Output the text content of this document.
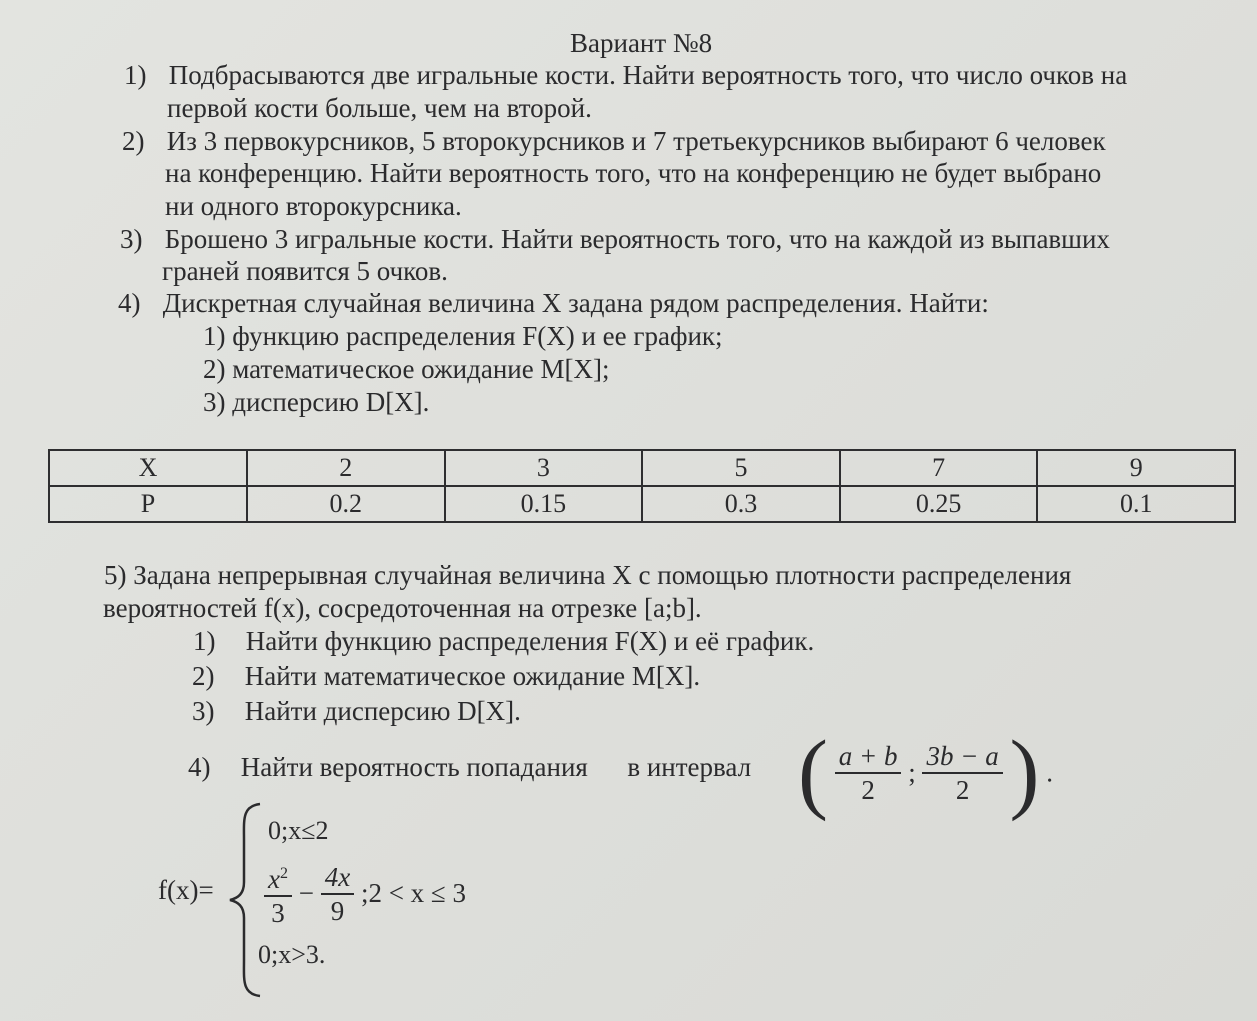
Вариант №8
1) Подбрасываются две игральные кости. Найти вероятность того, что число очков на
первой кости больше, чем на второй.
2) Из 3 первокурсников, 5 второкурсников и 7 третьекурсников выбирают 6 человек
на конференцию. Найти вероятность того, что на конференцию не будет выбрано
ни одного второкурсника.
3) Брошено 3 игральные кости. Найти вероятность того, что на каждой из выпавших
граней появится 5 очков.
4) Дискретная случайная величина X задана рядом распределения. Найти:
1) функцию распределения F(X) и ее график;
2) математическое ожидание M[X];
3) дисперсию D[X].
X	2	3	5	7	9
P	0.2	0.15	0.3	0.25	0.1
5) Задана непрерывная случайная величина X с помощью плотности распределения
вероятностей f(x), сосредоточенная на отрезке [a;b].
1) Найти функцию распределения F(X) и её график.
2) Найти математическое ожидание M[X].
3) Найти дисперсию D[X].
4) Найти вероятность попадания в интервал ( $\frac{a + b}{2}$ ; $\frac{3b - a}{2}$ ) .
f(x)=
0;x≤2
$\frac{x^2}{3} - \frac{4x}{9}$ ;2 < x ≤ 3
0;x>3.
